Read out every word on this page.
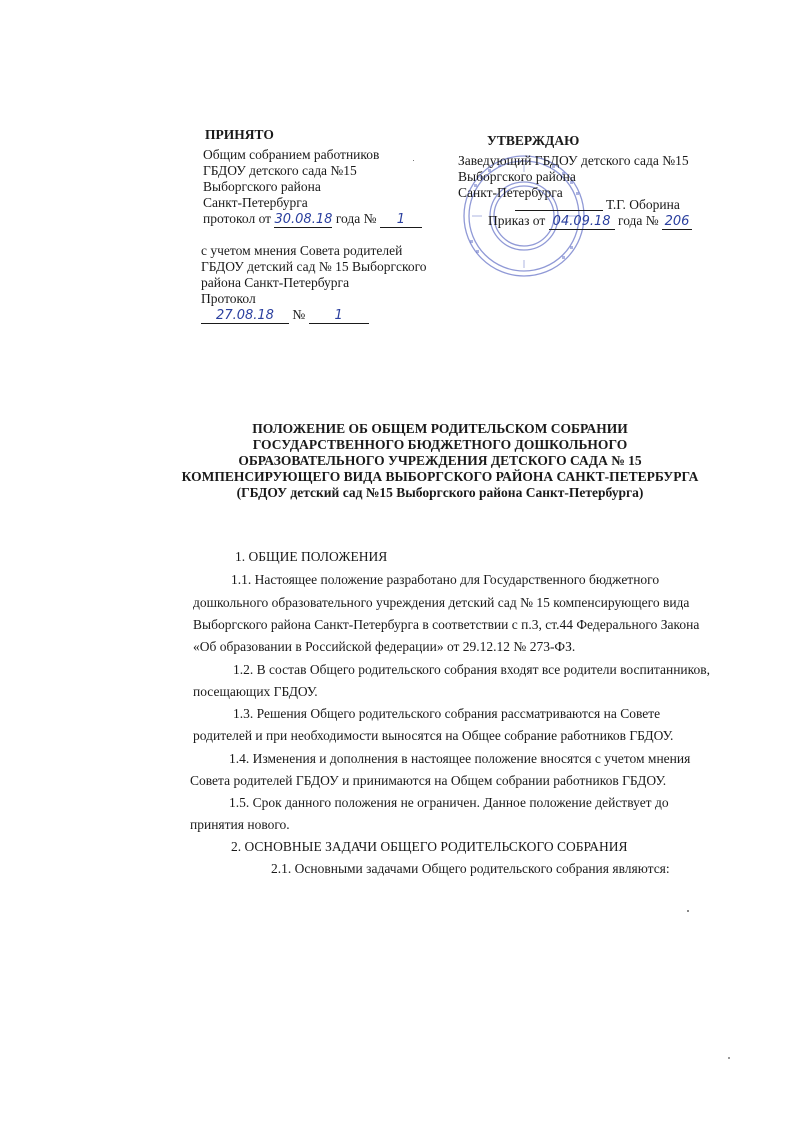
ПРИНЯТО
Общим собранием работников
ГБДОУ детского сада №15
Выборгского района
Санкт-Петербурга
протокол от 30.08.18 года № 1
с учетом мнения Совета родителей
ГБДОУ детский сад № 15 Выборгского
района Санкт-Петербурга
Протокол
27.08.18 № 1
УТВЕРЖДАЮ
Заведующий ГБДОУ детского сада №15
Выборгского района
Санкт-Петербурга
Т.Г. Оборина
Приказ от 04.09.18 года № 206
ПОЛОЖЕНИЕ ОБ ОБЩЕМ РОДИТЕЛЬСКОМ СОБРАНИИ
ГОСУДАРСТВЕННОГО БЮДЖЕТНОГО ДОШКОЛЬНОГО
ОБРАЗОВАТЕЛЬНОГО УЧРЕЖДЕНИЯ ДЕТСКОГО САДА № 15
КОМПЕНСИРУЮЩЕГО ВИДА ВЫБОРГСКОГО РАЙОНА САНКТ-ПЕТЕРБУРГА
(ГБДОУ детский сад №15 Выборгского района Санкт-Петербурга)
1. ОБЩИЕ ПОЛОЖЕНИЯ
1.1. Настоящее положение разработано для Государственного бюджетного
дошкольного образовательного учреждения детский сад № 15 компенсирующего вида
Выборгского района Санкт-Петербурга в соответствии с п.3, ст.44 Федерального Закона
«Об образовании в Российской федерации» от 29.12.12 № 273-ФЗ.
1.2. В состав Общего родительского собрания входят все родители воспитанников,
посещающих ГБДОУ.
1.3. Решения Общего родительского собрания рассматриваются на Совете
родителей и при необходимости выносятся на Общее собрание работников ГБДОУ.
1.4. Изменения и дополнения в настоящее положение вносятся с учетом мнения
Совета родителей ГБДОУ и принимаются на Общем собрании работников ГБДОУ.
1.5. Срок данного положения не ограничен. Данное положение действует до
принятия нового.
2. ОСНОВНЫЕ ЗАДАЧИ ОБЩЕГО РОДИТЕЛЬСКОГО СОБРАНИЯ
2.1. Основными задачами Общего родительского собрания являются:
